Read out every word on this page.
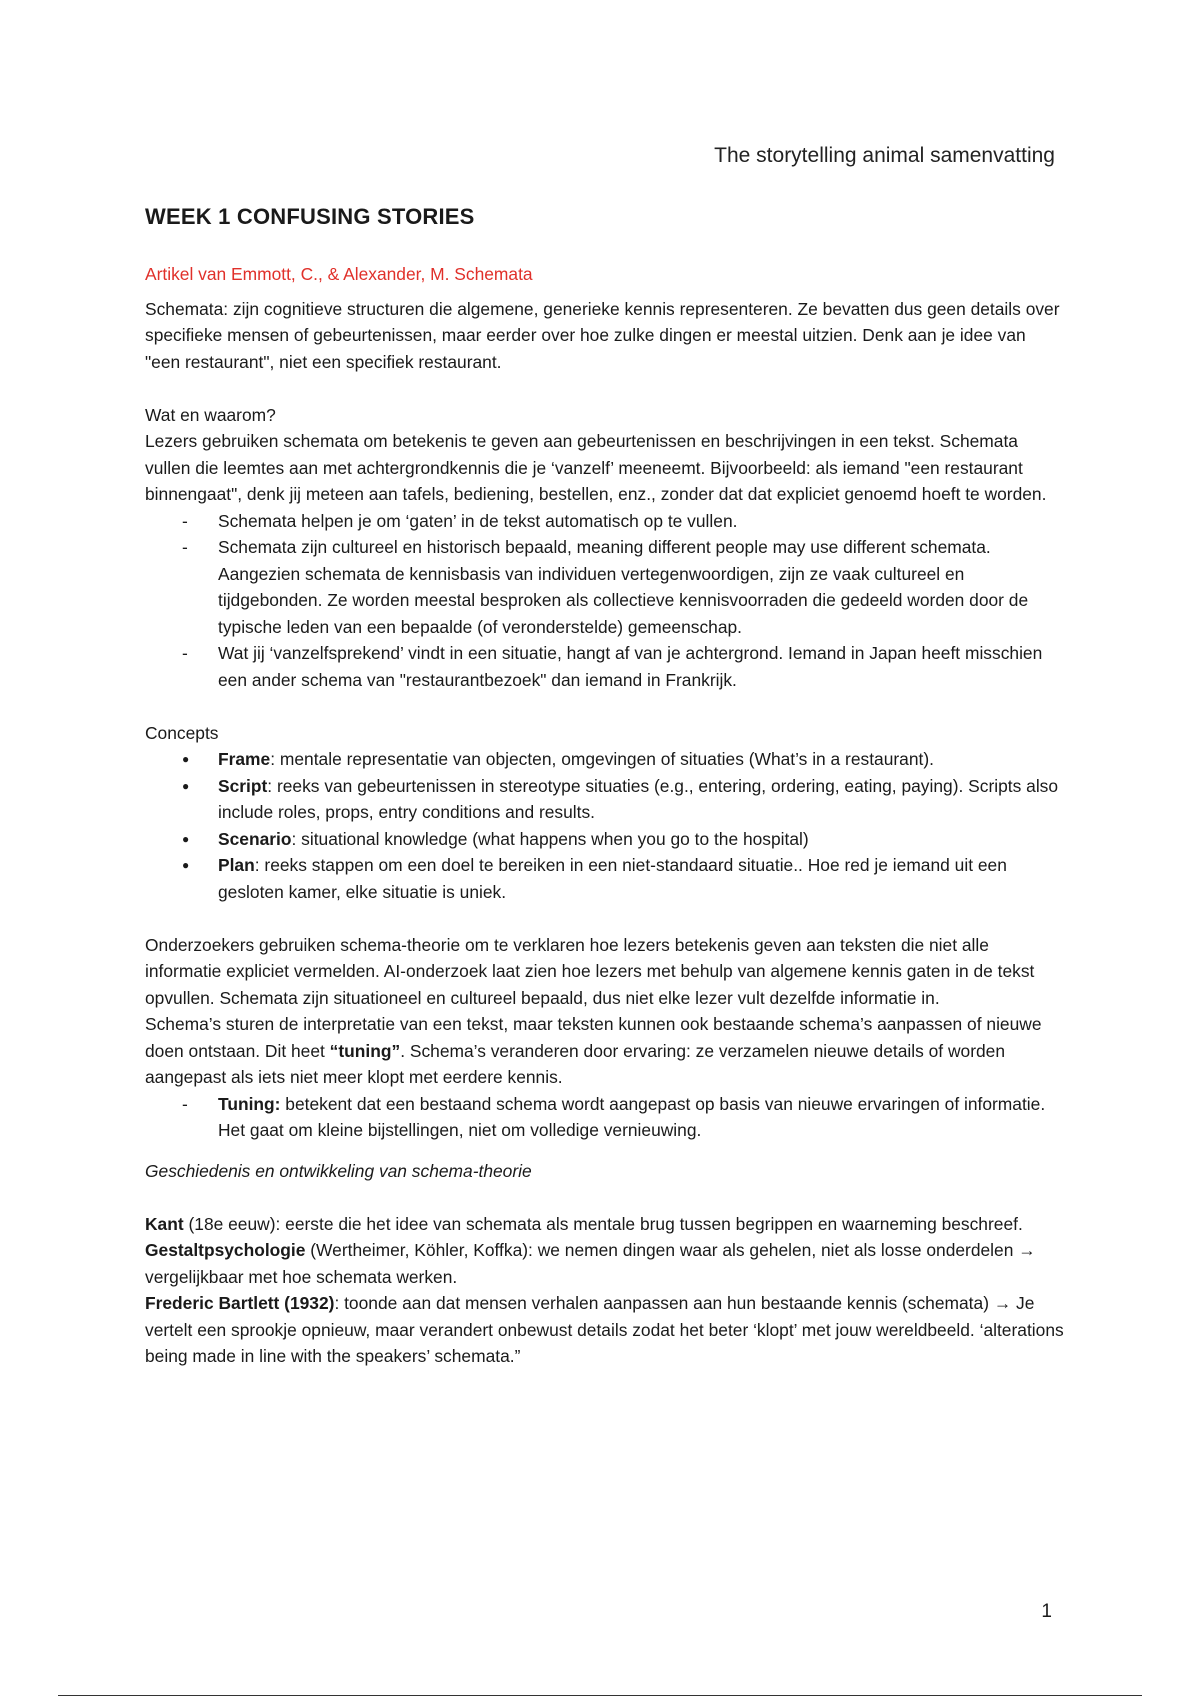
The storytelling animal samenvatting
WEEK 1 CONFUSING STORIES

Artikel van Emmott, C., & Alexander, M. Schemata

Schemata: zijn cognitieve structuren die algemene, generieke kennis representeren. Ze bevatten dus geen details over specifieke mensen of gebeurtenissen, maar eerder over hoe zulke dingen er meestal uitzien. Denk aan je idee van "een restaurant", niet een specifiek restaurant.

Wat en waarom?

Lezers gebruiken schemata om betekenis te geven aan gebeurtenissen en beschrijvingen in een tekst. Schemata vullen die leemtes aan met achtergrondkennis die je ‘vanzelf’ meeneemt. Bijvoorbeeld: als iemand "een restaurant binnengaat", denk jij meteen aan tafels, bediening, bestellen, enz., zonder dat dat expliciet genoemd hoeft te worden.

- Schemata helpen je om ‘gaten’ in de tekst automatisch op te vullen.
- Schemata zijn cultureel en historisch bepaald, meaning different people may use different schemata. Aangezien schemata de kennisbasis van individuen vertegenwoordigen, zijn ze vaak cultureel en tijdgebonden. Ze worden meestal besproken als collectieve kennisvoorraden die gedeeld worden door de typische leden van een bepaalde (of veronderstelde) gemeenschap.
- Wat jij ‘vanzelfsprekend’ vindt in een situatie, hangt af van je achtergrond. Iemand in Japan heeft misschien een ander schema van "restaurantbezoek" dan iemand in Frankrijk.

Concepts

● Frame: mentale representatie van objecten, omgevingen of situaties (What’s in a restaurant).
● Script: reeks van gebeurtenissen in stereotype situaties (e.g., entering, ordering, eating, paying). Scripts also include roles, props, entry conditions and results.
● Scenario: situational knowledge (what happens when you go to the hospital)
● Plan: reeks stappen om een doel te bereiken in een niet-standaard situatie.. Hoe red je iemand uit een gesloten kamer, elke situatie is uniek.

Onderzoekers gebruiken schema-theorie om te verklaren hoe lezers betekenis geven aan teksten die niet alle informatie expliciet vermelden. AI-onderzoek laat zien hoe lezers met behulp van algemene kennis gaten in de tekst opvullen. Schemata zijn situationeel en cultureel bepaald, dus niet elke lezer vult dezelfde informatie in.

Schema’s sturen de interpretatie van een tekst, maar teksten kunnen ook bestaande schema’s aanpassen of nieuwe doen ontstaan. Dit heet “tuning”. Schema’s veranderen door ervaring: ze verzamelen nieuwe details of worden aangepast als iets niet meer klopt met eerdere kennis.

- Tuning: betekent dat een bestaand schema wordt aangepast op basis van nieuwe ervaringen of informatie. Het gaat om kleine bijstellingen, niet om volledige vernieuwing.

Geschiedenis en ontwikkeling van schema-theorie

Kant (18e eeuw): eerste die het idee van schemata als mentale brug tussen begrippen en waarneming beschreef.

Gestaltpsychologie (Wertheimer, Köhler, Koffka): we nemen dingen waar als gehelen, niet als losse onderdelen → vergelijkbaar met hoe schemata werken.

Frederic Bartlett (1932): toonde aan dat mensen verhalen aanpassen aan hun bestaande kennis (schemata) → Je vertelt een sprookje opnieuw, maar verandert onbewust details zodat het beter ‘klopt’ met jouw wereldbeeld. ‘alterations being made in line with the speakers’ schemata.”

1
